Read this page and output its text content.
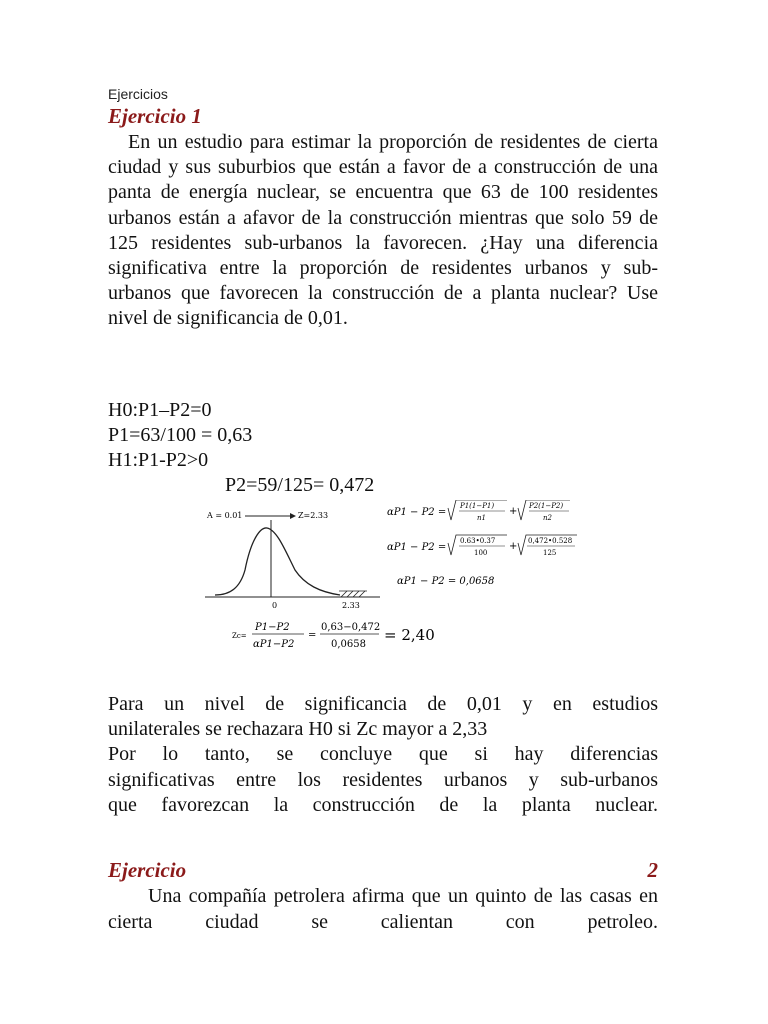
Ejercicios
Ejercicio 1
En un estudio para estimar la proporción de residentes de cierta ciudad y sus suburbios que están a favor de a construcción de una panta de energía nuclear, se encuentra que 63 de 100 residentes urbanos están a afavor de la construcción mientras que solo 59 de 125 residentes sub-urbanos la favorecen. ¿Hay una diferencia significativa entre la proporción de residentes urbanos y sub-urbanos que favorecen la construcción de a planta nuclear? Use nivel de significancia de 0,01.
H0:P1–P2=0
P1=63/100 = 0,63
H1:P1-P2>0
P2=59/125= 0,472
A = 0.01	Z=2.33
0	2.33
αP1 − P2 =
P1(1−P1)
n1
+ P2(1−P2)
n2
αP1 − P2 =
0.63•0.37
100
+ 0,472•0.528
125
αP1 − P2 = 0,0658
Zc=
P1−P2
αP1−P2
=
0,63−0,472
0,0658
= 2,40
Para un nivel de significancia de 0,01 y en estudios
unilaterales se rechazara H0 si Zc mayor a 2,33
Por lo tanto, se concluye que si hay diferencias
significativas entre los residentes urbanos y sub-urbanos
que favorezcan la construcción de la planta nuclear.
Ejercicio	2
Una compañía petrolera afirma que un quinto de las casas en cierta ciudad se calientan con petroleo.
